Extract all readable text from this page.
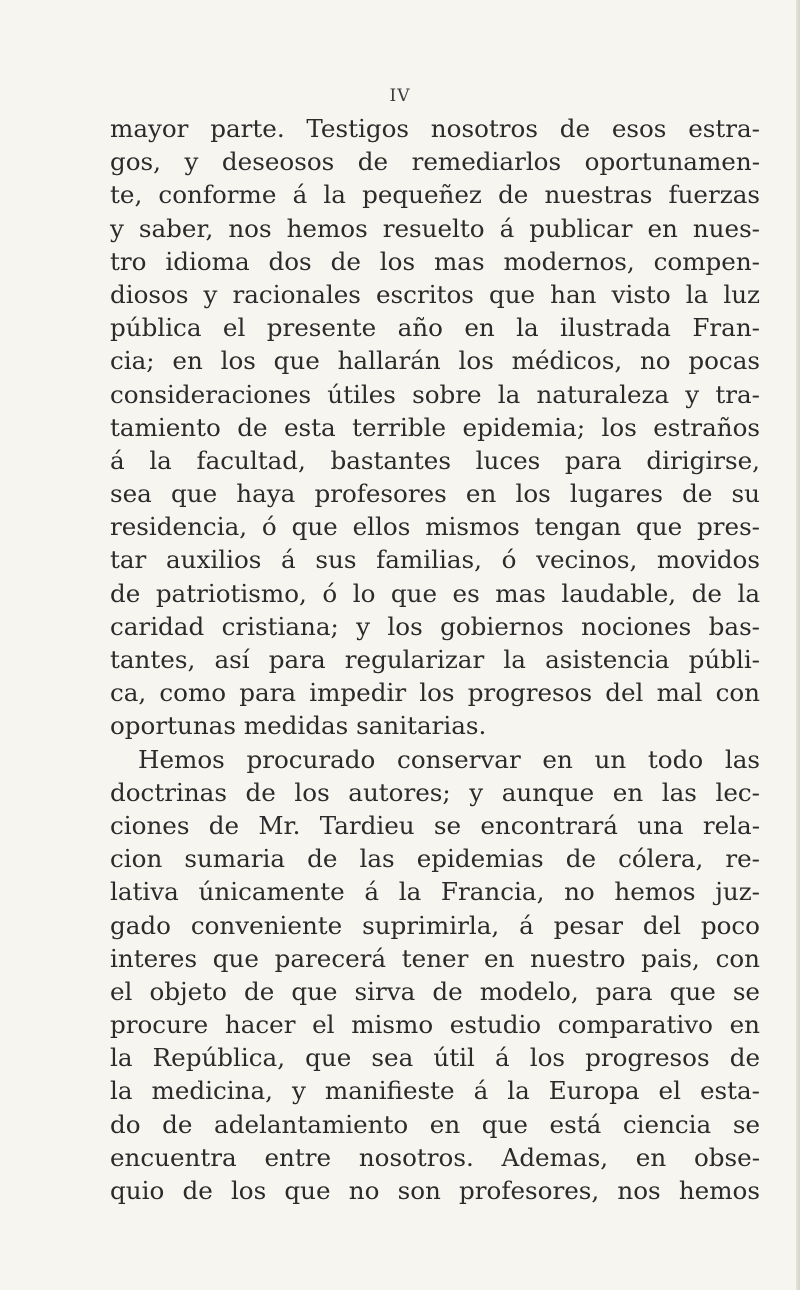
IV
mayor parte. Testigos nosotros de esos estra-
gos, y deseosos de remediarlos oportunamen-
te, conforme á la pequeñez de nuestras fuerzas
y saber, nos hemos resuelto á publicar en nues-
tro idioma dos de los mas modernos, compen-
diosos y racionales escritos que han visto la luz
pública el presente año en la ilustrada Fran-
cia; en los que hallarán los médicos, no pocas
consideraciones útiles sobre la naturaleza y tra-
tamiento de esta terrible epidemia; los estraños
á la facultad, bastantes luces para dirigirse,
sea que haya profesores en los lugares de su
residencia, ó que ellos mismos tengan que pres-
tar auxilios á sus familias, ó vecinos, movidos
de patriotismo, ó lo que es mas laudable, de la
caridad cristiana; y los gobiernos nociones bas-
tantes, así para regularizar la asistencia públi-
ca, como para impedir los progresos del mal con
oportunas medidas sanitarias.
Hemos procurado conservar en un todo las
doctrinas de los autores; y aunque en las lec-
ciones de Mr. Tardieu se encontrará una rela-
cion sumaria de las epidemias de cólera, re-
lativa únicamente á la Francia, no hemos juz-
gado conveniente suprimirla, á pesar del poco
interes que parecerá tener en nuestro pais, con
el objeto de que sirva de modelo, para que se
procure hacer el mismo estudio comparativo en
la República, que sea útil á los progresos de
la medicina, y manifieste á la Europa el esta-
do de adelantamiento en que está ciencia se
encuentra entre nosotros. Ademas, en obse-
quio de los que no son profesores, nos hemos
